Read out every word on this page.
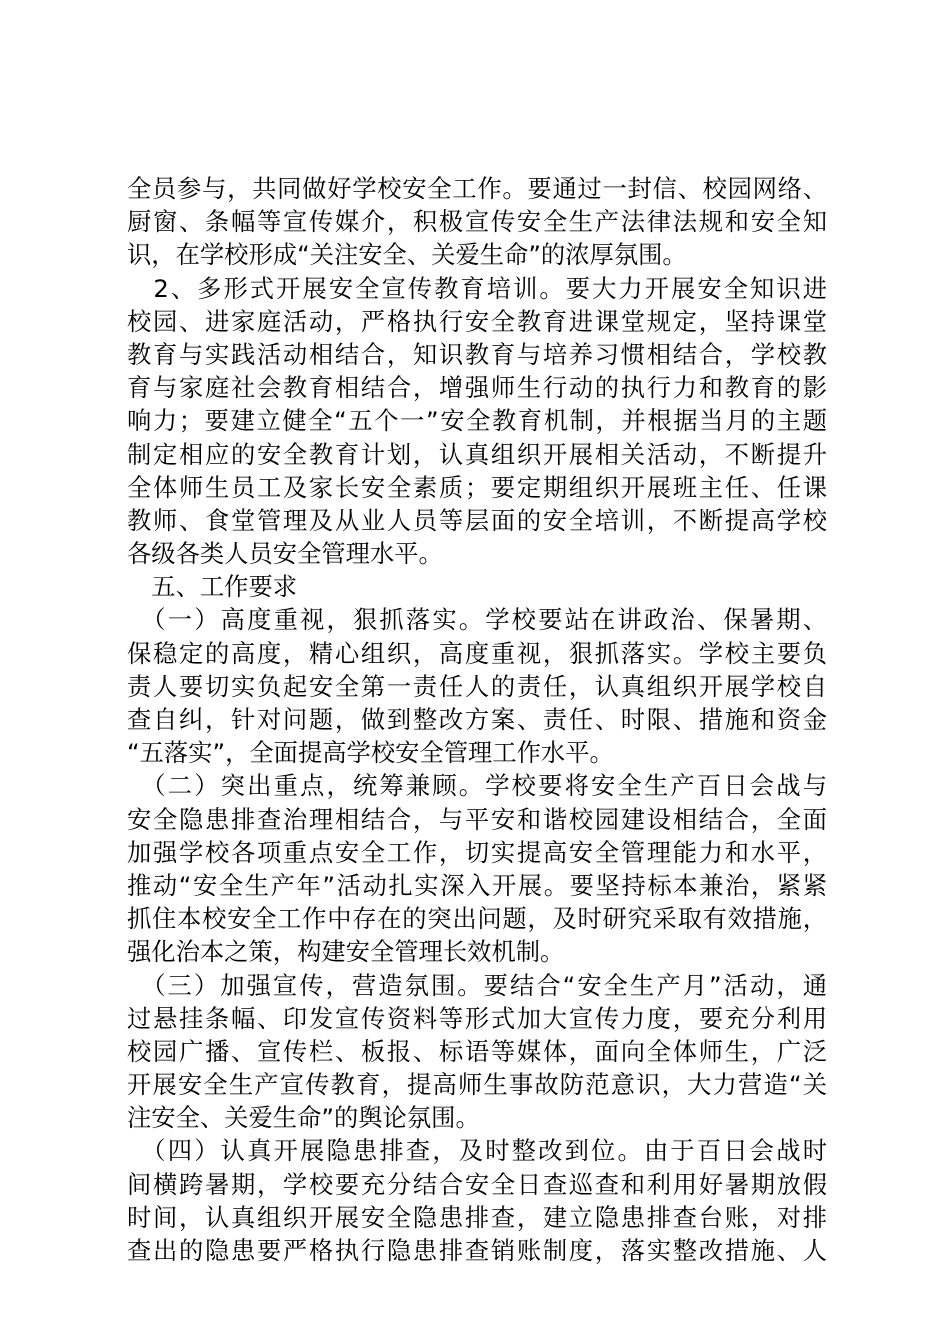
全员参与，共同做好学校安全工作。要通过一封信、校园网络、
厨窗、条幅等宣传媒介，积极宣传安全生产法律法规和安全知
识，在学校形成“关注安全、关爱生命”的浓厚氛围。
　2、多形式开展安全宣传教育培训。要大力开展安全知识进
校园、进家庭活动，严格执行安全教育进课堂规定，坚持课堂
教育与实践活动相结合，知识教育与培养习惯相结合，学校教
育与家庭社会教育相结合，增强师生行动的执行力和教育的影
响力；要建立健全“五个一”安全教育机制，并根据当月的主题
制定相应的安全教育计划，认真组织开展相关活动，不断提升
全体师生员工及家长安全素质；要定期组织开展班主任、任课
教师、食堂管理及从业人员等层面的安全培训，不断提高学校
各级各类人员安全管理水平。
　五、工作要求
　（一）高度重视，狠抓落实。学校要站在讲政治、保暑期、
保稳定的高度，精心组织，高度重视，狠抓落实。学校主要负
责人要切实负起安全第一责任人的责任，认真组织开展学校自
查自纠，针对问题，做到整改方案、责任、时限、措施和资金
“五落实”，全面提高学校安全管理工作水平。
　（二）突出重点，统筹兼顾。学校要将安全生产百日会战与
安全隐患排查治理相结合，与平安和谐校园建设相结合，全面
加强学校各项重点安全工作，切实提高安全管理能力和水平，
推动“安全生产年”活动扎实深入开展。要坚持标本兼治，紧紧
抓住本校安全工作中存在的突出问题，及时研究采取有效措施，
强化治本之策，构建安全管理长效机制。
　（三）加强宣传，营造氛围。要结合“安全生产月”活动，通
过悬挂条幅、印发宣传资料等形式加大宣传力度，要充分利用
校园广播、宣传栏、板报、标语等媒体，面向全体师生，广泛
开展安全生产宣传教育，提高师生事故防范意识，大力营造“关
注安全、关爱生命”的舆论氛围。
　（四）认真开展隐患排查，及时整改到位。由于百日会战时
间横跨暑期，学校要充分结合安全日查巡查和利用好暑期放假
时间，认真组织开展安全隐患排查，建立隐患排查台账，对排
查出的隐患要严格执行隐患排查销账制度，落实整改措施、人
